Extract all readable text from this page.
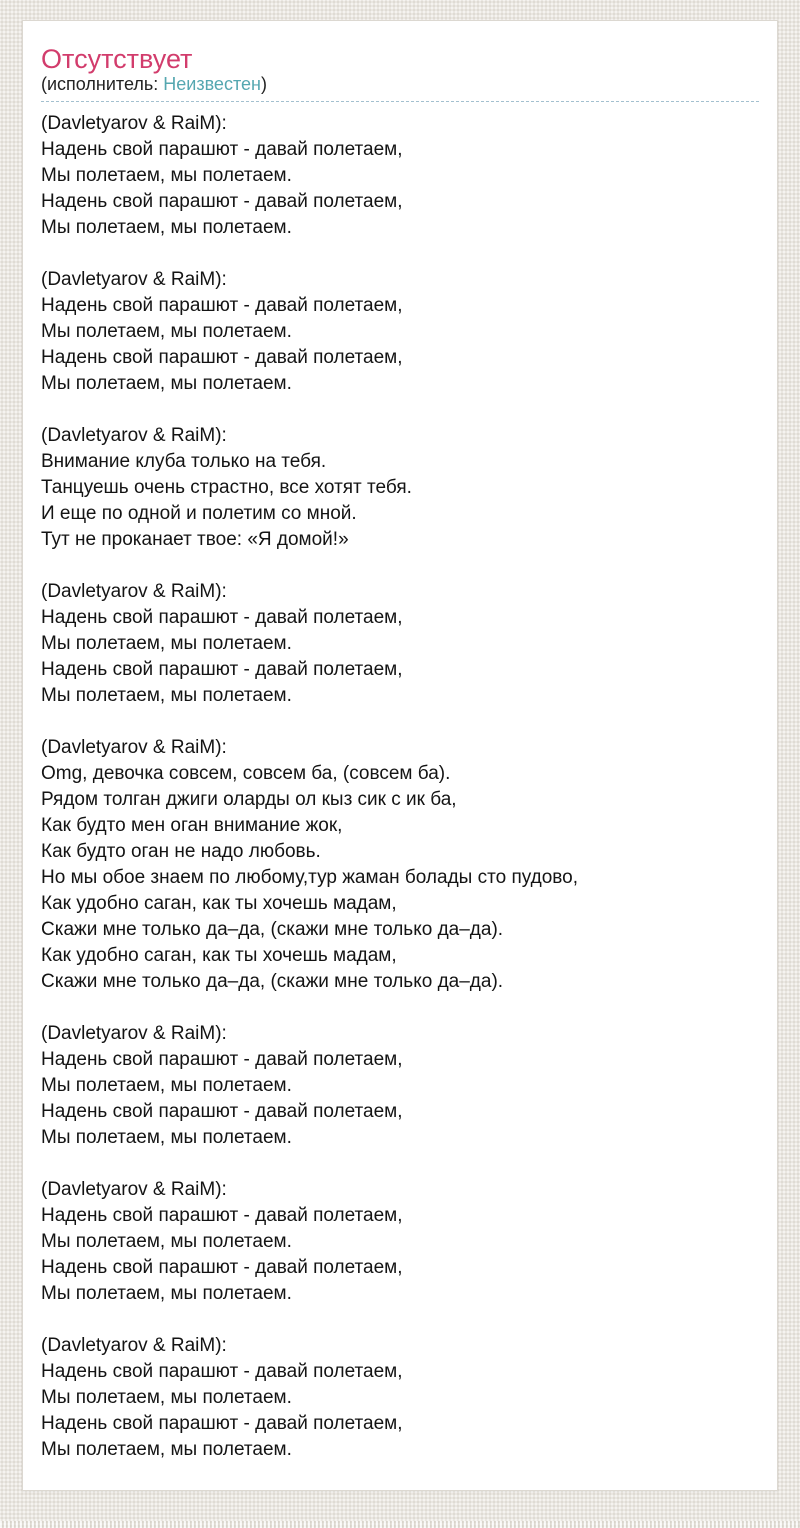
Отсутствует
(исполнитель: Неизвестен)
(Davletyarov & RaiM):
Надень свой парашют - давай полетаем,
Мы полетаем, мы полетаем.
Надень свой парашют - давай полетаем,
Мы полетаем, мы полетаем.
(Davletyarov & RaiM):
Надень свой парашют - давай полетаем,
Мы полетаем, мы полетаем.
Надень свой парашют - давай полетаем,
Мы полетаем, мы полетаем.
(Davletyarov & RaiM):
Внимание клуба только на тебя.
Танцуешь очень страстно, все хотят тебя.
И еще по одной и полетим со мной.
Тут не проканает твое: «Я домой!»
(Davletyarov & RaiM):
Надень свой парашют - давай полетаем,
Мы полетаем, мы полетаем.
Надень свой парашют - давай полетаем,
Мы полетаем, мы полетаем.
(Davletyarov & RaiM):
Omg, девочка совсем, совсем ба, (совсем ба).
Рядом толган джиги оларды ол кыз сик с ик ба,
Как будто мен оган внимание жок,
Как будто оган не надо любовь.
Но мы обое знаем по любому,тур жаман болады сто пудово,
Как удобно саган, как ты хочешь мадам,
Скажи мне только да–да, (скажи мне только да–да).
Как удобно саган, как ты хочешь мадам,
Скажи мне только да–да, (скажи мне только да–да).
(Davletyarov & RaiM):
Надень свой парашют - давай полетаем,
Мы полетаем, мы полетаем.
Надень свой парашют - давай полетаем,
Мы полетаем, мы полетаем.
(Davletyarov & RaiM):
Надень свой парашют - давай полетаем,
Мы полетаем, мы полетаем.
Надень свой парашют - давай полетаем,
Мы полетаем, мы полетаем.
(Davletyarov & RaiM):
Надень свой парашют - давай полетаем,
Мы полетаем, мы полетаем.
Надень свой парашют - давай полетаем,
Мы полетаем, мы полетаем.
